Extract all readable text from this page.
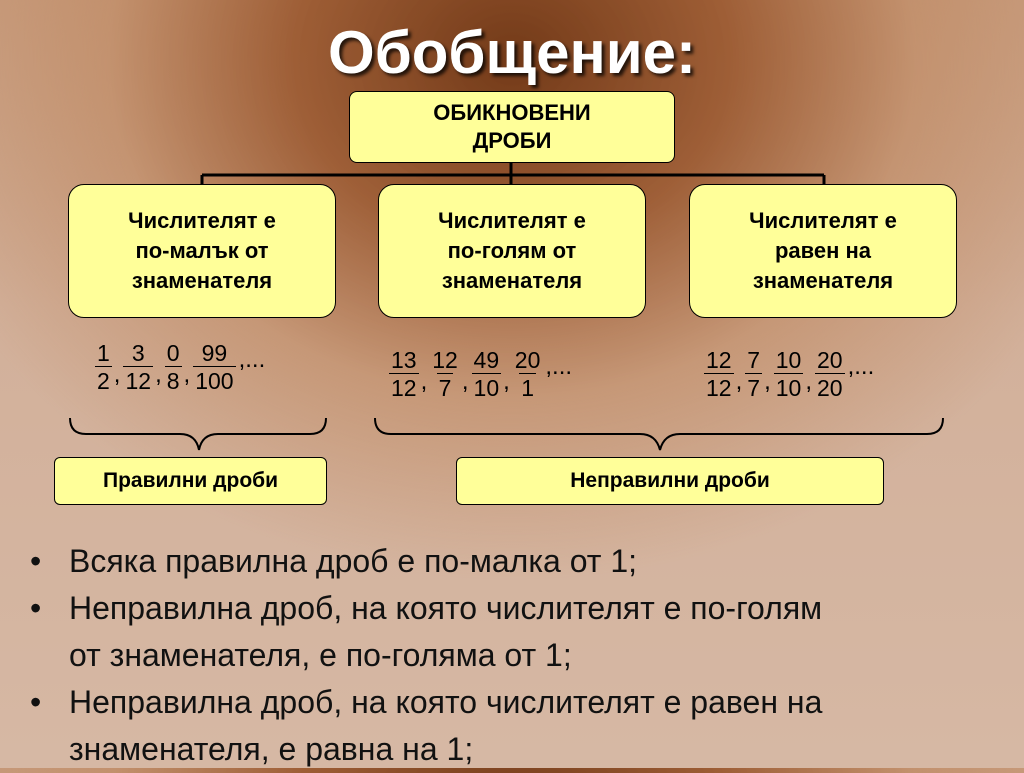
Обобщение:
ОБИКНОВЕНИ
ДРОБИ
Числителят е
по-малък от
знаменателя
Числителят е
по-голям от
знаменателя
Числителят е
равен на
знаменателя
$\frac{1}{2}$ , $\frac{3}{12}$ , $\frac{0}{8}$ , $\frac{99}{100}$ ,...	$\frac{13}{12}$ , $\frac{12}{7}$ , $\frac{49}{10}$ , $\frac{20}{1}$ ,...	$\frac{12}{12}$ , $\frac{7}{7}$ , $\frac{10}{10}$ , $\frac{20}{20}$ ,...
Правилни дроби	Неправилни дроби
• Всяка правилна дроб е по-малка от 1;
• Неправилна дроб, на която числителят е по-голям
от знаменателя, е по-голяма от 1;
• Неправилна дроб, на която числителят е равен на
знаменателя, е равна на 1;
